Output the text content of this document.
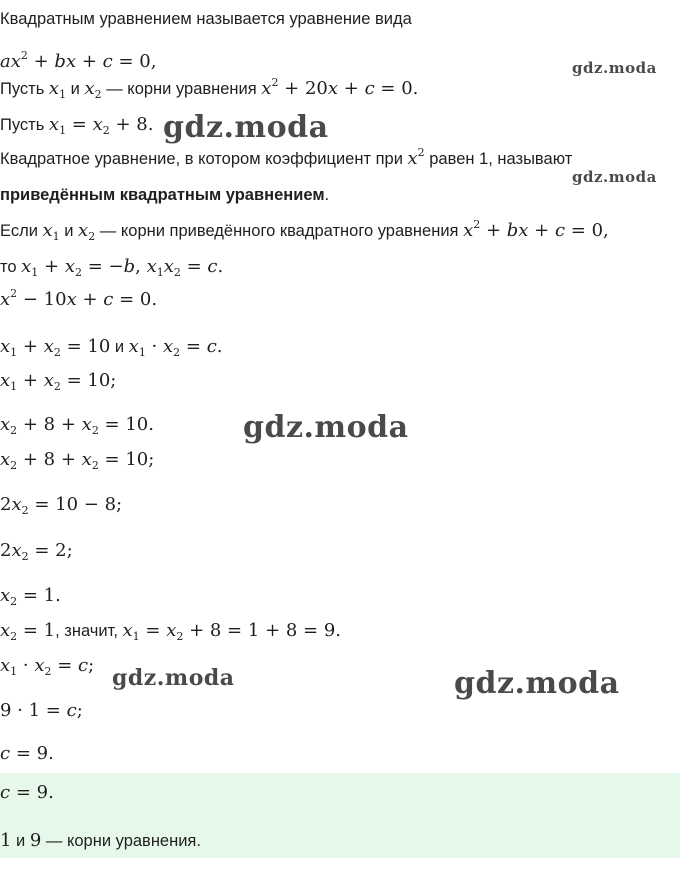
Квадратным уравнением называется уравнение вида
$ax^2$ + bx + c = 0,
Пусть $x_1$ и $x_2$ — корни уравнения $x^2 + 20x + c = 0$.
Пусть $x_1 = x_2 + 8$.
Квадратное уравнение, в котором коэффициент при $x^2$ равен 1, называют
приведённым квадратным уравнением.
Если $x_1$ и $x_2$ — корни приведённого квадратного уравнения $x^2$ + bx + c = 0,
то $x_1 + x_2 = -b$, $x_1x_2 = c$.
$x^2 - 10x + c = 0$.
$x_1 + x_2 = 10$ и $x_1 \cdot x_2 = c$.
$x_1 + x_2 = 10$;
$x_2 + 8 + x_2 = 10$.
$x_2 + 8 + x_2 = 10$;
$2x_2 = 10 - 8$;
$2x_2 = 2$;
$x_2 = 1$.
$x_2 = 1$, значит, $x_1 = x_2 + 8 = 1 + 8 = 9$.
$x_1 \cdot x_2 = c$;
9 · 1 = c;
c = 9.
c = 9.
1 и 9 — корни уравнения.
gdz.moda
gdz.moda
gdz.moda
gdz.moda
gdz.moda	gdz.moda
